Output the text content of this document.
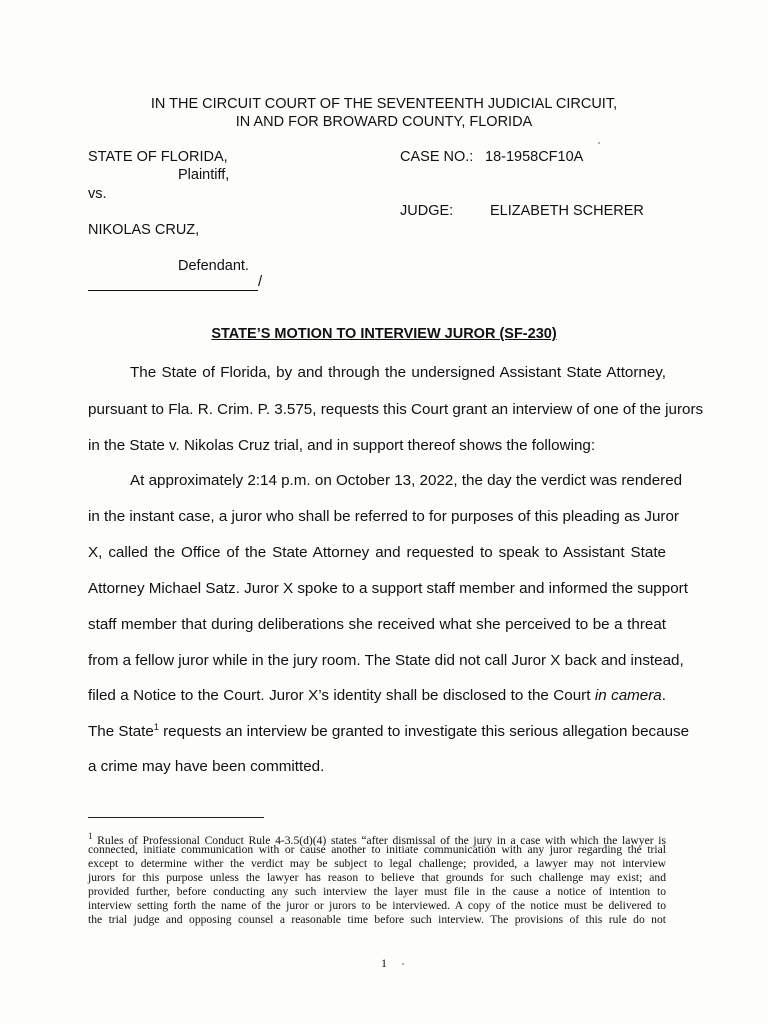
IN THE CIRCUIT COURT OF THE SEVENTEENTH JUDICIAL CIRCUIT,
IN AND FOR BROWARD COUNTY, FLORIDA
STATE OF FLORIDA,
Plaintiff,
vs.
NIKOLAS CRUZ,
Defendant.
/
CASE NO.: 18-1958CF10A
JUDGE:	ELIZABETH SCHERER
STATE’S MOTION TO INTERVIEW JUROR (SF-230)
The State of Florida, by and through the undersigned Assistant State Attorney,
pursuant to Fla. R. Crim. P. 3.575, requests this Court grant an interview of one of the jurors
in the State v. Nikolas Cruz trial, and in support thereof shows the following:
At approximately 2:14 p.m. on October 13, 2022, the day the verdict was rendered
in the instant case, a juror who shall be referred to for purposes of this pleading as Juror
X, called the Office of the State Attorney and requested to speak to Assistant State
Attorney Michael Satz. Juror X spoke to a support staff member and informed the support
staff member that during deliberations she received what she perceived to be a threat
from a fellow juror while in the jury room. The State did not call Juror X back and instead,
filed a Notice to the Court. Juror X’s identity shall be disclosed to the Court in camera.
The State$^1$ requests an interview be granted to investigate this serious allegation because
a crime may have been committed.
$^1$ Rules of Professional Conduct Rule 4-3.5(d)(4) states “after dismissal of the jury in a case with which the lawyer is
connected, initiate communication with or cause another to initiate communication with any juror regarding the trial
except to determine wither the verdict may be subject to legal challenge; provided, a lawyer may not interview
jurors for this purpose unless the lawyer has reason to believe that grounds for such challenge may exist; and
provided further, before conducting any such interview the layer must file in the cause a notice of intention to
interview setting forth the name of the juror or jurors to be interviewed. A copy of the notice must be delivered to
the trial judge and opposing counsel a reasonable time before such interview. The provisions of this rule do not
1
